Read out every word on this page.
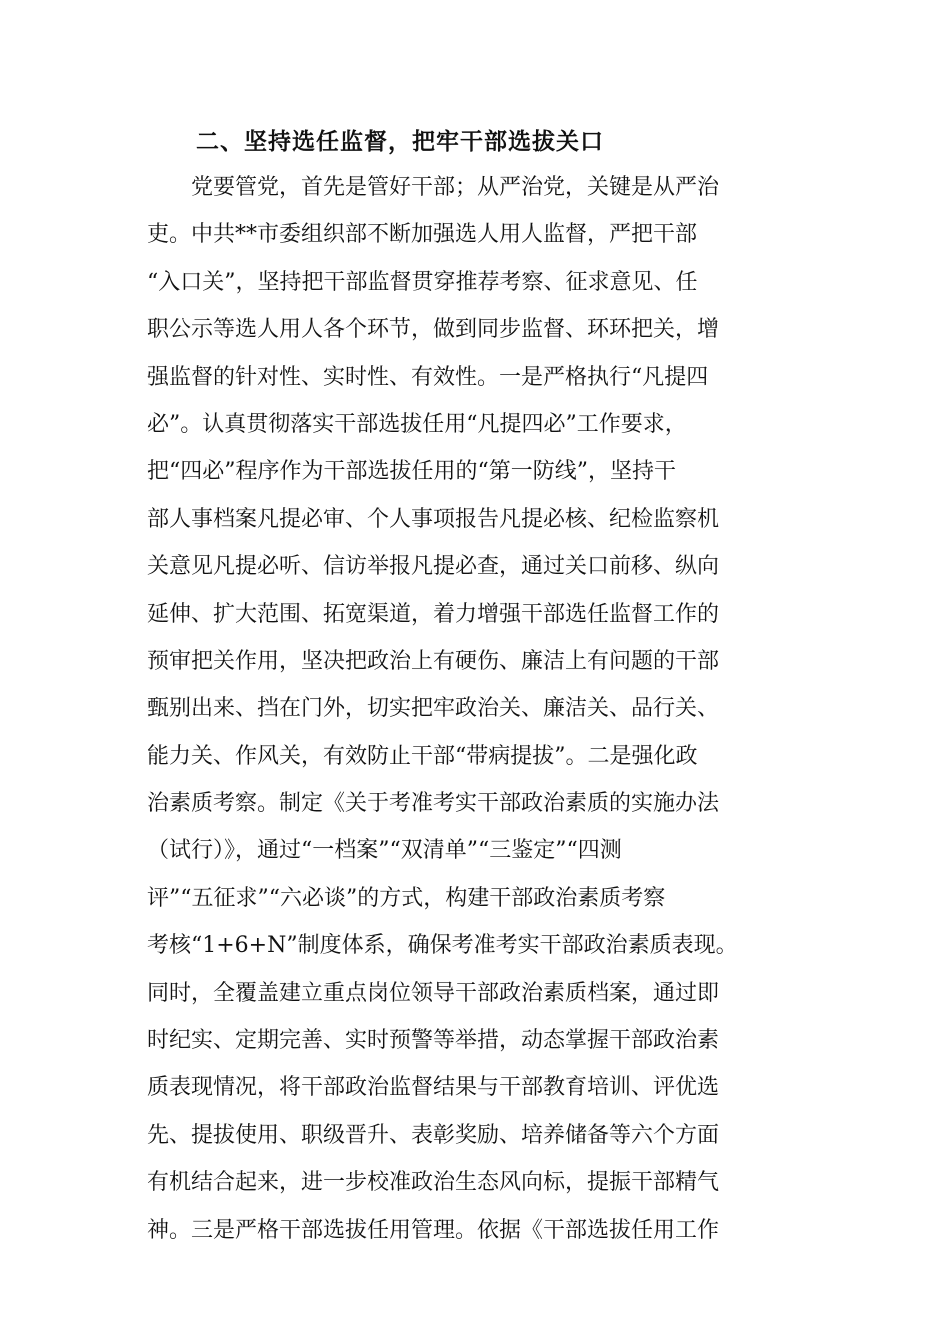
二、坚持选任监督，把牢干部选拔关口
　　党要管党，首先是管好干部；从严治党，关键是从严治
吏。中共**市委组织部不断加强选人用人监督，严把干部
“入口关”，坚持把干部监督贯穿推荐考察、征求意见、任
职公示等选人用人各个环节，做到同步监督、环环把关，增
强监督的针对性、实时性、有效性。一是严格执行“凡提四
必”。认真贯彻落实干部选拔任用“凡提四必”工作要求，
把“四必”程序作为干部选拔任用的“第一防线”，坚持干
部人事档案凡提必审、个人事项报告凡提必核、纪检监察机
关意见凡提必听、信访举报凡提必查，通过关口前移、纵向
延伸、扩大范围、拓宽渠道，着力增强干部选任监督工作的
预审把关作用，坚决把政治上有硬伤、廉洁上有问题的干部
甄别出来、挡在门外，切实把牢政治关、廉洁关、品行关、
能力关、作风关，有效防止干部“带病提拔”。二是强化政
治素质考察。制定《关于考准考实干部政治素质的实施办法
（试行）》，通过“一档案”“双清单”“三鉴定”“四测
评”“五征求”“六必谈”的方式，构建干部政治素质考察
考核“1+6+N”制度体系，确保考准考实干部政治素质表现。
同时，全覆盖建立重点岗位领导干部政治素质档案，通过即
时纪实、定期完善、实时预警等举措，动态掌握干部政治素
质表现情况，将干部政治监督结果与干部教育培训、评优选
先、提拔使用、职级晋升、表彰奖励、培养储备等六个方面
有机结合起来，进一步校准政治生态风向标，提振干部精气
神。三是严格干部选拔任用管理。依据《干部选拔任用工作
